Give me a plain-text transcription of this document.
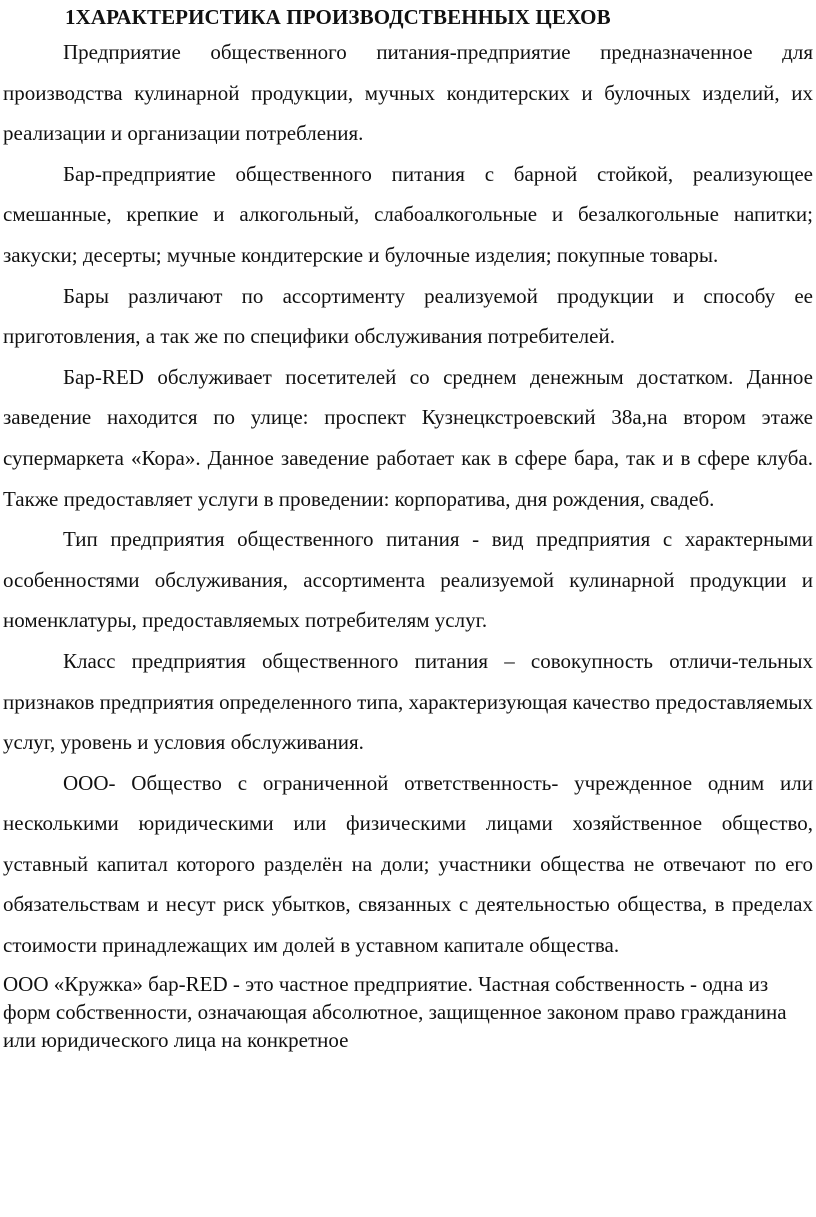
1ХАРАКТЕРИСТИКА ПРОИЗВОДСТВЕННЫХ ЦЕХОВ

Предприятие общественного питания-предприятие предназначенное для производства кулинарной продукции, мучных кондитерских и булочных изделий, их реализации и организации потребления.

Бар-предприятие общественного питания с барной стойкой, реализующее смешанные, крепкие и алкогольный, слабоалкогольные и безалкогольные напитки; закуски; десерты; мучные кондитерские и булочные изделия; покупные товары.

Бары различают по ассортименту реализуемой продукции и способу ее приготовления, а так же по специфики обслуживания потребителей.

Бар-RED обслуживает посетителей со среднем денежным достатком. Данное заведение находится по улице: проспект Кузнецкстроевский 38а,на втором этаже супермаркета «Кора». Данное заведение работает как в сфере бара, так и в сфере клуба. Также предоставляет услуги в проведении: корпоратива, дня рождения, свадеб.

Тип предприятия общественного питания - вид предприятия с характерными особенностями обслуживания, ассортимента реализуемой кулинарной продукции и номенклатуры, предоставляемых потребителям услуг.

Класс предприятия общественного питания – совокупность отличи-тельных признаков предприятия определенного типа, характеризующая качество предоставляемых услуг, уровень и условия обслуживания.

ООО- Общество с ограниченной ответственность- учрежденное одним или несколькими юридическими или физическими лицами хозяйственное общество, уставный капитал которого разделён на доли; участники общества не отвечают по его обязательствам и несут риск убытков, связанных с деятельностью общества, в пределах стоимости принадлежащих им долей в уставном капитале общества.

ООО «Кружка» бар-RED - это частное предприятие. Частная собственность - одна из форм собственности, означающая абсолютное, защищенное законом право гражданина или юридического лица на конкретное
